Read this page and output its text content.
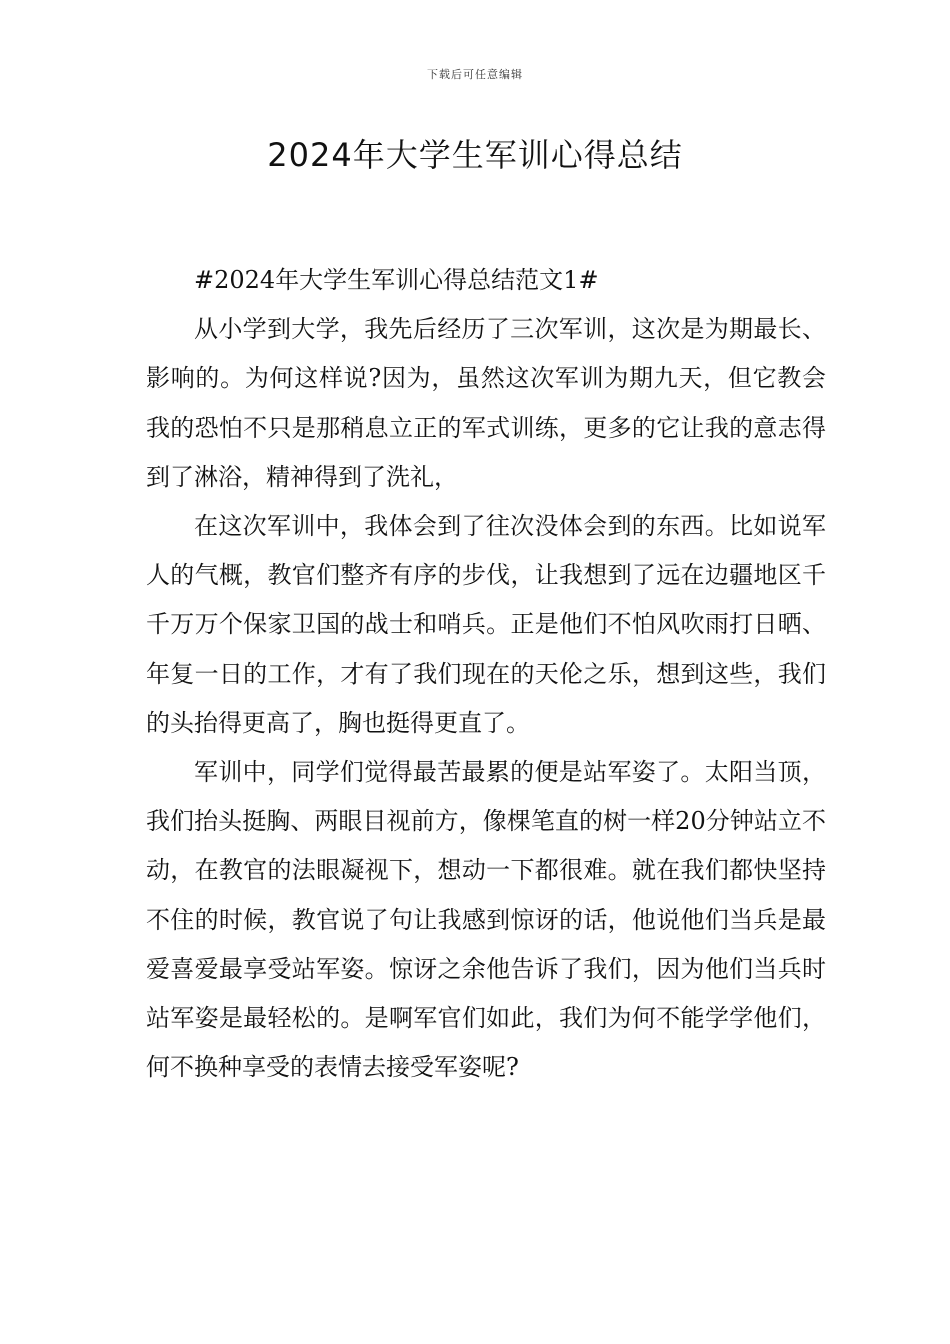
下载后可任意编辑
2024年大学生军训心得总结

#2024年大学生军训心得总结范文1#

从小学到大学，我先后经历了三次军训，这次是为期最长、影响的。为何这样说?因为，虽然这次军训为期九天，但它教会我的恐怕不只是那稍息立正的军式训练，更多的它让我的意志得到了淋浴，精神得到了洗礼，

在这次军训中，我体会到了往次没体会到的东西。比如说军人的气概，教官们整齐有序的步伐，让我想到了远在边疆地区千千万万个保家卫国的战士和哨兵。正是他们不怕风吹雨打日晒、年复一日的工作，才有了我们现在的天伦之乐，想到这些，我们的头抬得更高了，胸也挺得更直了。

军训中，同学们觉得最苦最累的便是站军姿了。太阳当顶，我们抬头挺胸、两眼目视前方，像棵笔直的树一样20分钟站立不动，在教官的法眼凝视下，想动一下都很难。就在我们都快坚持不住的时候，教官说了句让我感到惊讶的话，他说他们当兵是最爱喜爱最享受站军姿。惊讶之余他告诉了我们，因为他们当兵时站军姿是最轻松的。是啊军官们如此，我们为何不能学学他们，何不换种享受的表情去接受军姿呢?
